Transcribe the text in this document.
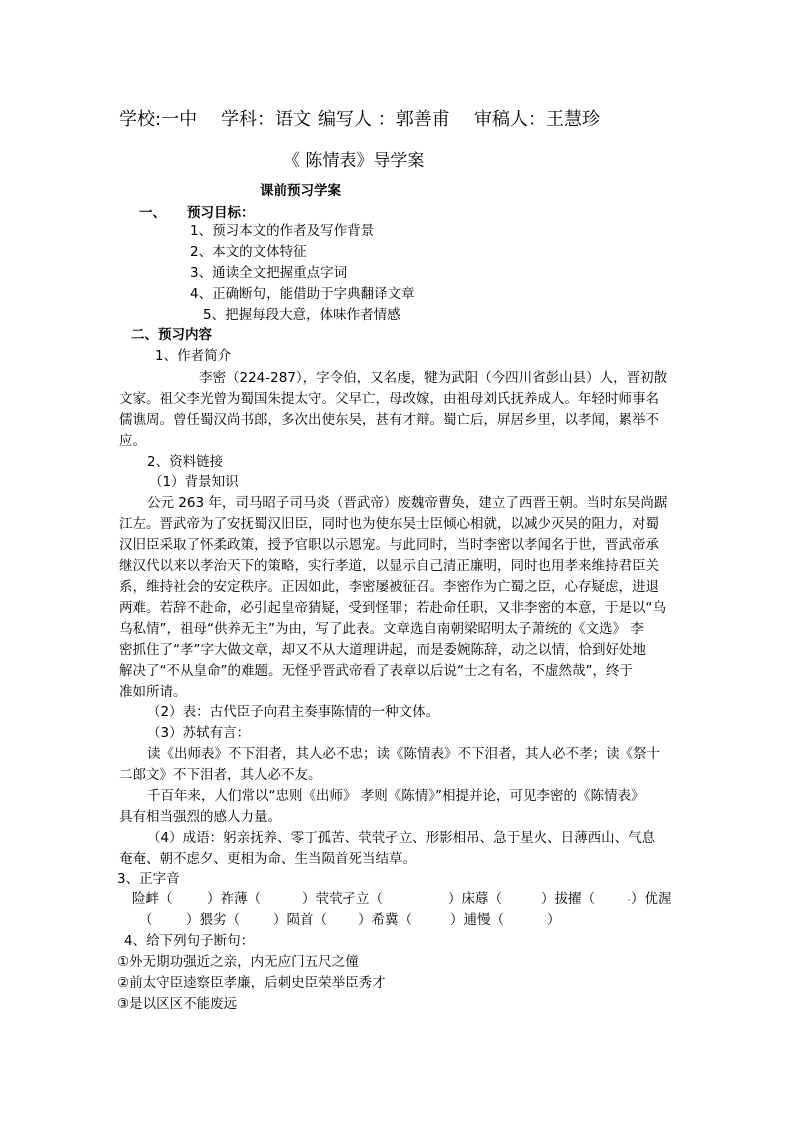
学校:一中 学科：语文 编写人 ：郭善甫 审稿人：王慧珍
《 陈情表》导学案
课前预习学案
一、 预习目标：
1、预习本文的作者及写作背景
2、本文的文体特征
3、通读全文把握重点字词
4、正确断句，能借助于字典翻译文章
5、把握每段大意，体味作者情感
二、预习内容
1、作者简介
李密（224-287），字令伯，又名虔，犍为武阳（今四川省彭山县）人，晋初散
文家。祖父李光曾为蜀国朱提太守。父早亡，母改嫁，由祖母刘氏抚养成人。年轻时师事名
儒谯周。曾任蜀汉尚书郎，多次出使东吴，甚有才辩。蜀亡后，屏居乡里，以孝闻，累举不
应。
2、资料链接
（1）背景知识
公元 263 年，司马昭子司马炎（晋武帝）废魏帝曹奂，建立了西晋王朝。当时东吴尚踞
江左。晋武帝为了安抚蜀汉旧臣，同时也为使东吴士臣倾心相就，以减少灭吴的阻力，对蜀
汉旧臣采取了怀柔政策，授予官职以示恩宠。与此同时，当时李密以孝闻名于世，晋武帝承
继汉代以来以孝治天下的策略，实行孝道，以显示自己清正廉明，同时也用孝来维持君臣关
系，维持社会的安定秩序。正因如此，李密屡被征召。李密作为亡蜀之臣，心存疑虑，进退
两难。若辞不赴命，必引起皇帝猜疑，受到怪罪；若赴命任职，又非李密的本意，于是以“乌
乌私情”，祖母“供养无主”为由，写了此表。文章选自南朝梁昭明太子萧统的《文选》 李
密抓住了“孝”字大做文章，却又不从大道理讲起，而是委婉陈辞，动之以情，恰到好处地
解决了“不从皇命”的难题。无怪乎晋武帝看了表章以后说“士之有名，不虚然哉”，终于
准如所请。
（2）表：古代臣子向君主奏事陈情的一种文体。
（3）苏轼有言：
读《出师表》不下泪者，其人必不忠；读《陈情表》不下泪者，其人必不孝；读《祭十
二郎文》不下泪者，其人必不友。
千百年来，人们常以“忠则《出师》 孝则《陈情》”相提并论，可见李密的《陈情表》
具有相当强烈的感人力量。
（4）成语：躬亲抚养、零丁孤苦、茕茕孑立、形影相吊、急于星火、日薄西山、气息
奄奄、朝不虑夕、更相为命、生当陨首死当结草。
3、正字音
险衅（	）祚薄（	）茕茕孑立（	）床蓐（	）拔擢（ . ）优渥
（ ）猥劣（ ）陨首（ ）希冀（	）逋慢（	）
4、给下列句子断句：
①外无期功强近之亲，内无应门五尺之僮
②前太守臣逵察臣孝廉，后刺史臣荣举臣秀才
③是以区区不能废远
